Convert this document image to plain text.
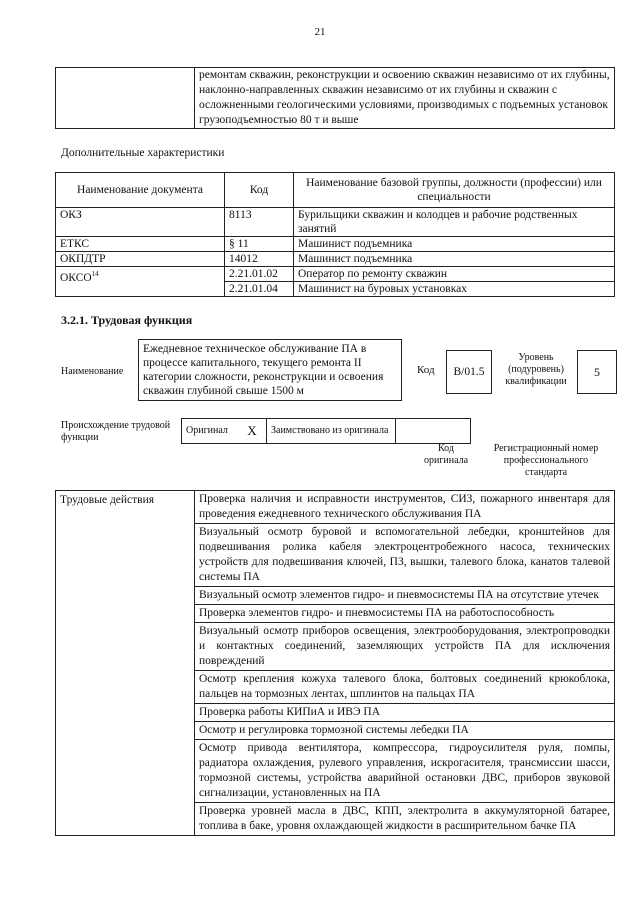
21
	ремонтам скважин, реконструкции и освоению скважин независимо от их глубины, наклонно-направленных скважин независимо от их глубины и скважин с осложненными геологическими условиями, производимых с подъемных установок грузоподъемностью 80 т и выше
Дополнительные характеристики
Наименование документа	Код	Наименование базовой группы, должности (профессии) или специальности
ОКЗ	8113	Бурильщики скважин и колодцев и рабочие родственных занятий
ЕТКС	§ 11	Машинист подъемника
ОКПДТР	14012	Машинист подъемника
ОКСО$^{14}$	2.21.01.02	Оператор по ремонту скважин
	2.21.01.04	Машинист на буровых установках
3.2.1. Трудовая функция
Наименование
Ежедневное техническое обслуживание ПА в процессе капитального, текущего ремонта II категории сложности, реконструкции и освоения скважин глубиной свыше 1500 м
Код	B/01.5
Уровень (подуровень) квалификации
5
Происхождение трудовой функции
Оригинал	X	Заимствовано из оригинала		
Код оригинала
Регистрационный номер профессионального стандарта
Трудовые действия	Проверка наличия и исправности инструментов, СИЗ, пожарного инвентаря для проведения ежедневного технического обслуживания ПА
Визуальный осмотр буровой и вспомогательной лебедки, кронштейнов для подвешивания ролика кабеля электроцентробежного насоса, технических устройств для подвешивания ключей, ПЗ, вышки, талевого блока, канатов талевой системы ПА
Визуальный осмотр элементов гидро- и пневмосистемы ПА на отсутствие утечек
Проверка элементов гидро- и пневмосистемы ПА на работоспособность
Визуальный осмотр приборов освещения, электрооборудования, электропроводки и контактных соединений, заземляющих устройств ПА для исключения повреждений
Осмотр крепления кожуха талевого блока, болтовых соединений крюкоблока, пальцев на тормозных лентах, шплинтов на пальцах ПА
Проверка работы КИПиА и ИВЭ ПА
Осмотр и регулировка тормозной системы лебедки ПА
Осмотр привода вентилятора, компрессора, гидроусилителя руля, помпы, радиатора охлаждения, рулевого управления, искрогасителя, трансмиссии шасси, тормозной системы, устройства аварийной остановки ДВС, приборов звуковой сигнализации, установленных на ПА
Проверка уровней масла в ДВС, КПП, электролита в аккумуляторной батарее, топлива в баке, уровня охлаждающей жидкости в расширительном бачке ПА
